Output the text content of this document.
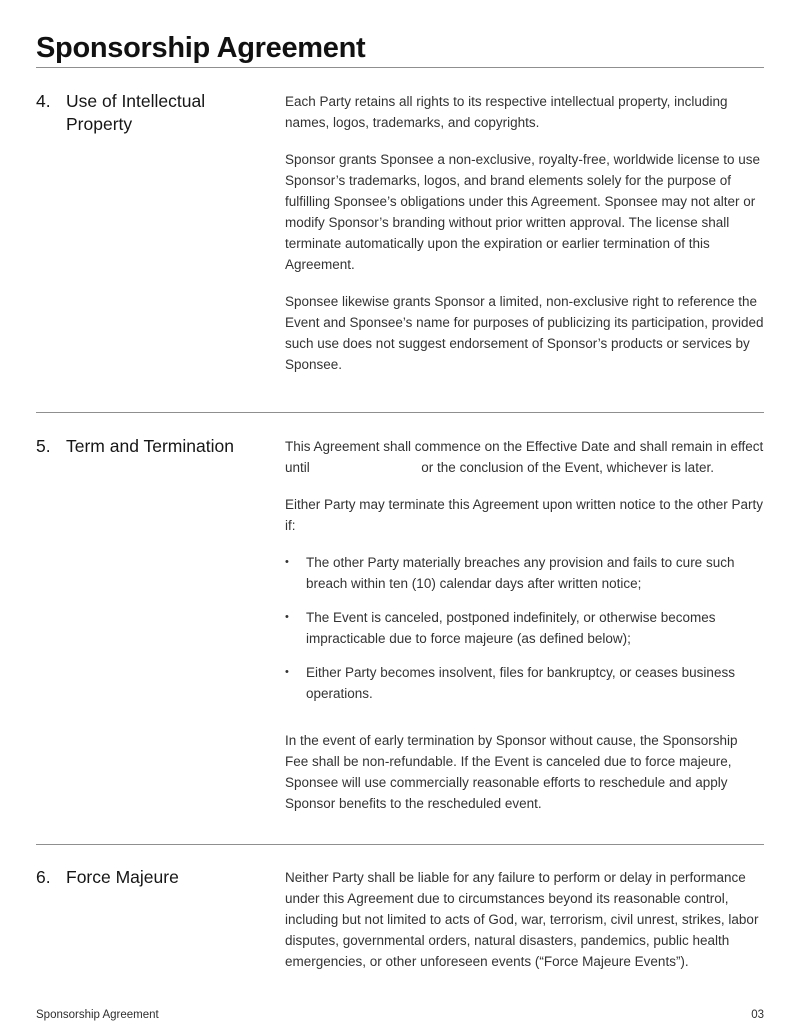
Sponsorship Agreement
4. Use of Intellectual Property

Each Party retains all rights to its respective intellectual property, including names, logos, trademarks, and copyrights.

Sponsor grants Sponsee a non-exclusive, royalty-free, worldwide license to use Sponsor’s trademarks, logos, and brand elements solely for the purpose of fulfilling Sponsee’s obligations under this Agreement. Sponsee may not alter or modify Sponsor’s branding without prior written approval. The license shall terminate automatically upon the expiration or earlier termination of this Agreement.

Sponsee likewise grants Sponsor a limited, non-exclusive right to reference the Event and Sponsee’s name for purposes of publicizing its participation, provided such use does not suggest endorsement of Sponsor’s products or services by Sponsee.

5. Term and Termination	This Agreement shall commence on the Effective Date and shall remain in effect until	or the conclusion of the Event, whichever is later.

Either Party may terminate this Agreement upon written notice to the other Party if:

•	The other Party materially breaches any provision and fails to cure such breach within ten (10) calendar days after written notice;
•	The Event is canceled, postponed indefinitely, or otherwise becomes impracticable due to force majeure (as defined below);
•	Either Party becomes insolvent, files for bankruptcy, or ceases business operations.

In the event of early termination by Sponsor without cause, the Sponsorship Fee shall be non-refundable. If the Event is canceled due to force majeure, Sponsee will use commercially reasonable efforts to reschedule and apply Sponsor benefits to the rescheduled event.

6. Force Majeure	Neither Party shall be liable for any failure to perform or delay in performance under this Agreement due to circumstances beyond its reasonable control, including but not limited to acts of God, war, terrorism, civil unrest, strikes, labor disputes, governmental orders, natural disasters, pandemics, public health emergencies, or other unforeseen events (“Force Majeure Events”).

Sponsorship Agreement	03
